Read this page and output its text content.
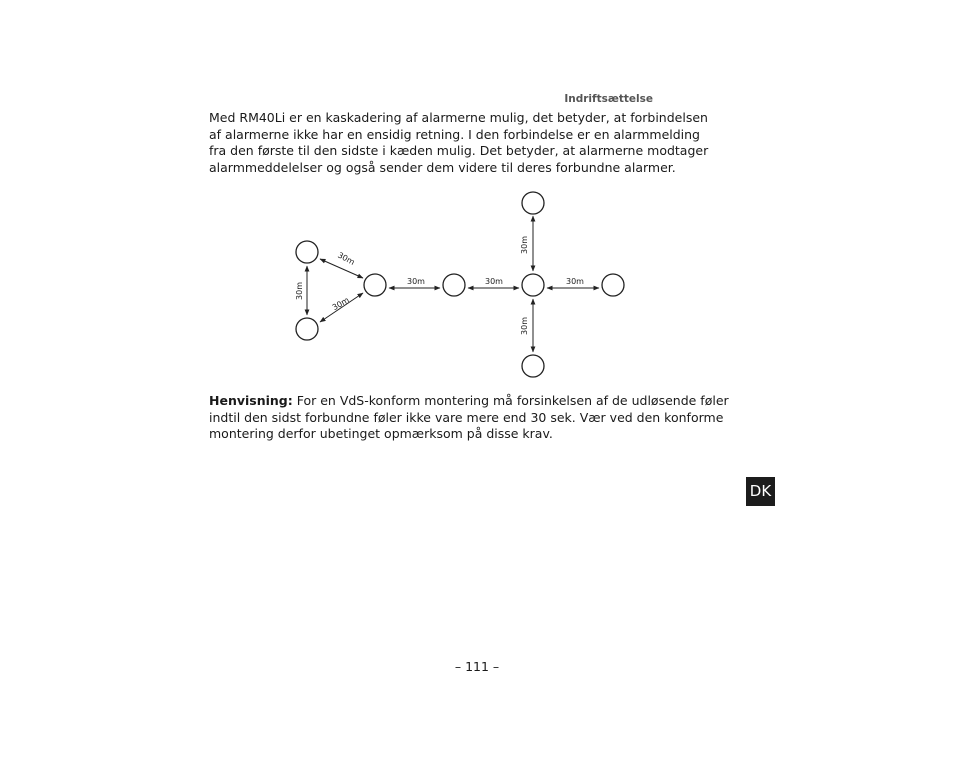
Indriftsættelse

Med RM40Li er en kaskadering af alarmerne mulig, det betyder, at forbindelsen
af alarmerne ikke har en ensidig retning. I den forbindelse er en alarmmelding
fra den første til den sidste i kæden mulig. Det betyder, at alarmerne modtager
alarmmeddelelser og også sender dem videre til deres forbundne alarmer.

30m
30m
30m
30m	30m	30m
30m
30m

Henvisning: For en VdS-konform montering må forsinkelsen af de udløsende føler
indtil den sidst forbundne føler ikke vare mere end 30 sek. Vær ved den konforme
montering derfor ubetinget opmærksom på disse krav.

DK
– 111 –
